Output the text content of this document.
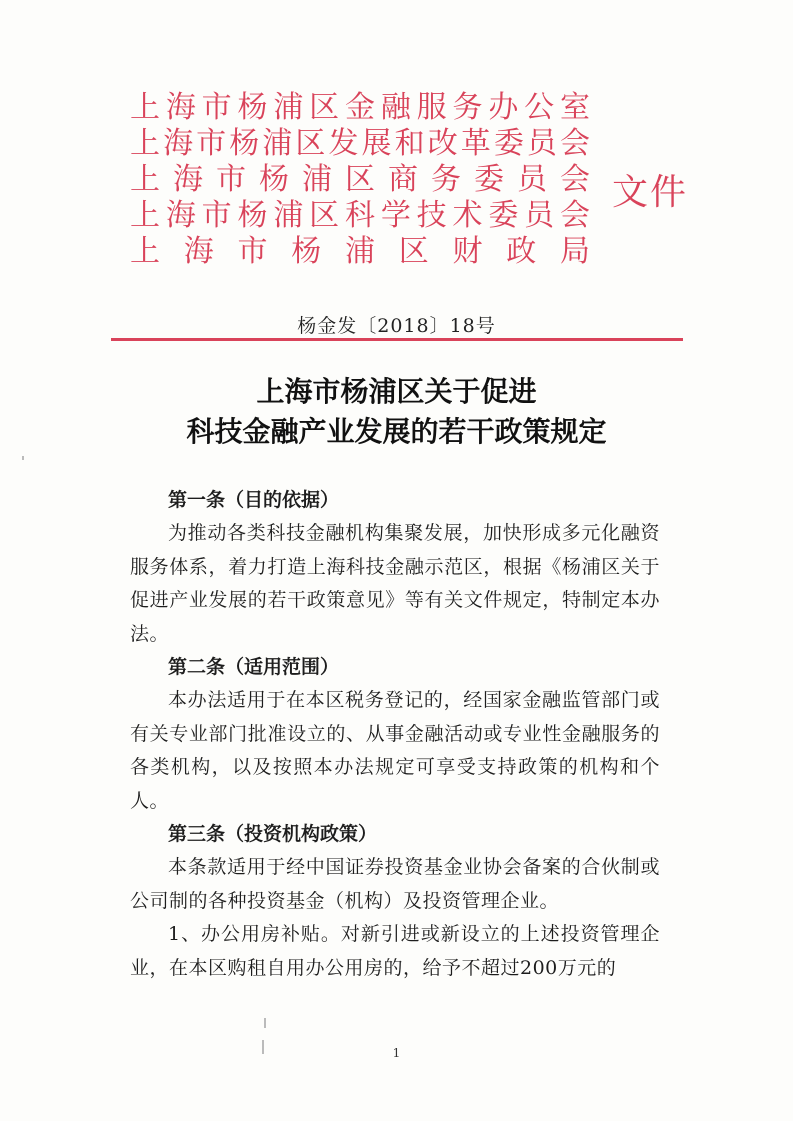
上海市杨浦区金融服务办公室
上海市杨浦区发展和改革委员会
上海市杨浦区商务委员会
上海市杨浦区科学技术委员会
上海市杨浦区财政局
文件
杨金发〔2018〕18号
上海市杨浦区关于促进
科技金融产业发展的若干政策规定

第一条（目的依据）

为推动各类科技金融机构集聚发展，加快形成多元化融资服务体系，着力打造上海科技金融示范区，根据《杨浦区关于促进产业发展的若干政策意见》等有关文件规定，特制定本办法。

第二条（适用范围）

本办法适用于在本区税务登记的，经国家金融监管部门或有关专业部门批准设立的、从事金融活动或专业性金融服务的各类机构，以及按照本办法规定可享受支持政策的机构和个人。

第三条（投资机构政策）

本条款适用于经中国证券投资基金业协会备案的合伙制或公司制的各种投资基金（机构）及投资管理企业。

1、办公用房补贴。对新引进或新设立的上述投资管理企业，在本区购租自用办公用房的，给予不超过200万元的

1
